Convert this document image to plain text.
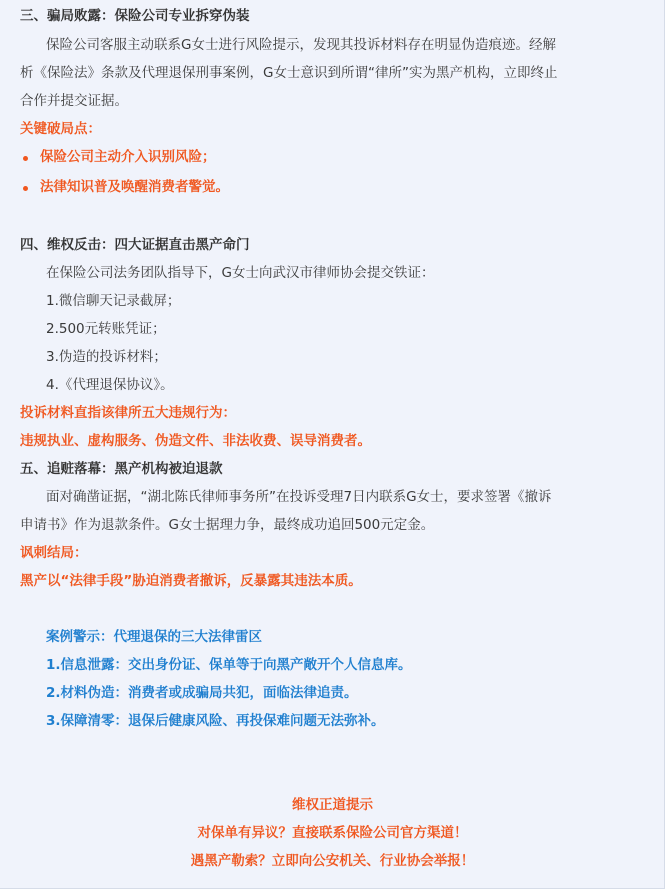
三、骗局败露：保险公司专业拆穿伪装
保险公司客服主动联系G女士进行风险提示，发现其投诉材料存在明显伪造痕迹。经解
析《保险法》条款及代理退保刑事案例，G女士意识到所谓“律所”实为黑产机构，立即终止
合作并提交证据。
关键破局点：
保险公司主动介入识别风险；
法律知识普及唤醒消费者警觉。
四、维权反击：四大证据直击黑产命门
在保险公司法务团队指导下，G女士向武汉市律师协会提交铁证：
1.微信聊天记录截屏；
2.500元转账凭证；
3.伪造的投诉材料；
4.《代理退保协议》。
投诉材料直指该律所五大违规行为：
违规执业、虚构服务、伪造文件、非法收费、误导消费者。
五、追赃落幕：黑产机构被迫退款
面对确凿证据，“湖北陈氏律师事务所”在投诉受理7日内联系G女士，要求签署《撤诉
申请书》作为退款条件。G女士据理力争，最终成功追回500元定金。
讽刺结局：
黑产以“法律手段”胁迫消费者撤诉，反暴露其违法本质。
案例警示：代理退保的三大法律雷区
1.信息泄露：交出身份证、保单等于向黑产敞开个人信息库。
2.材料伪造：消费者或成骗局共犯，面临法律追责。
3.保障清零：退保后健康风险、再投保难问题无法弥补。
维权正道提示
对保单有异议？直接联系保险公司官方渠道！
遇黑产勒索？立即向公安机关、行业协会举报！
